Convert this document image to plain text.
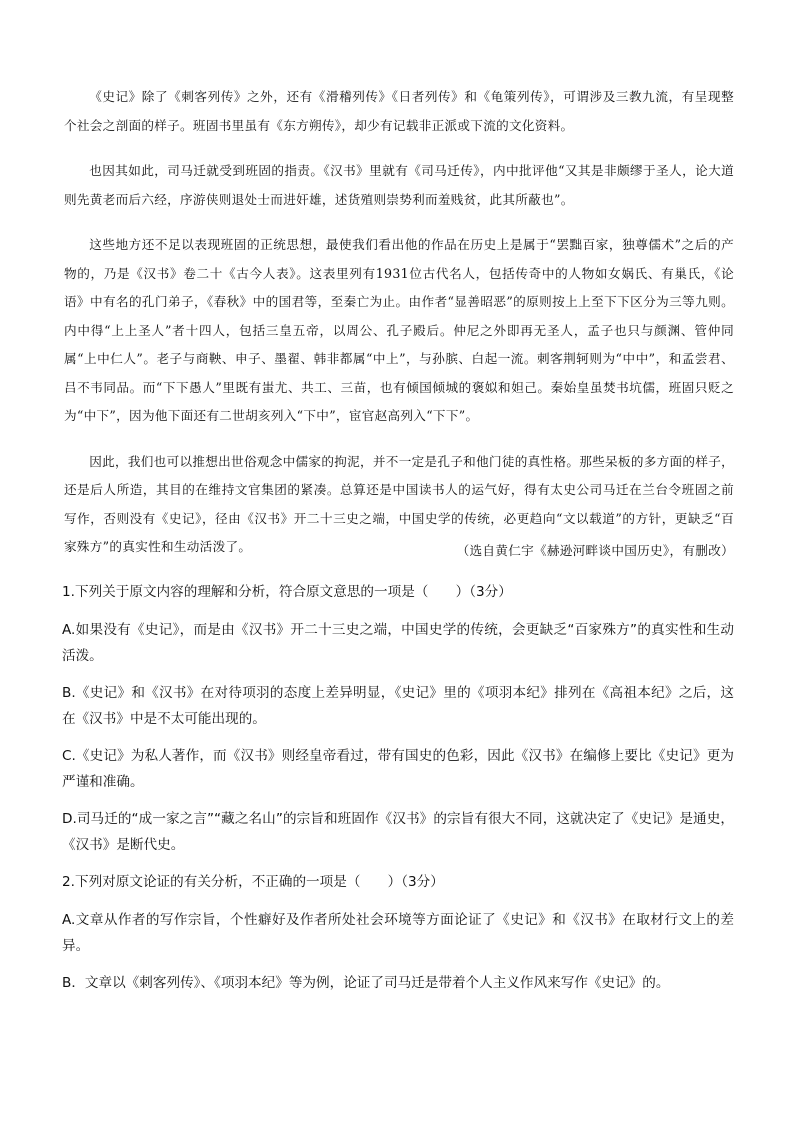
《史记》除了《刺客列传》之外，还有《滑稽列传》《日者列传》和《龟策列传》，可谓涉及三教九流，有呈现整个社会之剖面的样子。班固书里虽有《东方朔传》，却少有记载非正派或下流的文化资料。

也因其如此，司马迁就受到班固的指责。《汉书》里就有《司马迁传》，内中批评他“又其是非颇缪于圣人，论大道则先黄老而后六经，序游侠则退处士而进奸雄，述货殖则崇势利而羞贱贫，此其所蔽也”。

这些地方还不足以表现班固的正统思想，最使我们看出他的作品在历史上是属于“罢黜百家，独尊儒术”之后的产物的，乃是《汉书》卷二十《古今人表》。这表里列有1931位古代名人，包括传奇中的人物如女娲氏、有巢氏，《论语》中有名的孔门弟子，《春秋》中的国君等，至秦亡为止。由作者“显善昭恶”的原则按上上至下下区分为三等九则。内中得“上上圣人”者十四人，包括三皇五帝，以周公、孔子殿后。仲尼之外即再无圣人，孟子也只与颜渊、管仲同属“上中仁人”。老子与商鞅、申子、墨翟、韩非都属“中上”，与孙膑、白起一流。刺客荆轲则为“中中”，和孟尝君、吕不韦同品。而“下下愚人”里既有蚩尤、共工、三苗，也有倾国倾城的褒姒和妲己。秦始皇虽焚书坑儒，班固只贬之为“中下”，因为他下面还有二世胡亥列入“下中”，宦官赵高列入“下下”。

因此，我们也可以推想出世俗观念中儒家的拘泥，并不一定是孔子和他门徒的真性格。那些呆板的多方面的样子，还是后人所造，其目的在维持文官集团的紧凑。总算还是中国读书人的运气好，得有太史公司马迁在兰台令班固之前写作，否则没有《史记》，径由《汉书》开二十三史之端，中国史学的传统，必更趋向“文以载道”的方针，更缺乏“百家殊方”的真实性和生动活泼了。	（选自黄仁宇《赫逊河畔谈中国历史》，有删改）
1.下列关于原文内容的理解和分析，符合原文意思的一项是（　　）（3分）
A.如果没有《史记》，而是由《汉书》开二十三史之端，中国史学的传统，会更缺乏“百家殊方”的真实性和生动活泼。
B.《史记》和《汉书》在对待项羽的态度上差异明显，《史记》里的《项羽本纪》排列在《高祖本纪》之后，这在《汉书》中是不太可能出现的。
C.《史记》为私人著作，而《汉书》则经皇帝看过，带有国史的色彩，因此《汉书》在编修上要比《史记》更为严谨和准确。
D.司马迁的“成一家之言”“藏之名山”的宗旨和班固作《汉书》的宗旨有很大不同，这就决定了《史记》是通史，《汉书》是断代史。
2.下列对原文论证的有关分析，不正确的一项是（　　）（3分）
A.文章从作者的写作宗旨，个性癖好及作者所处社会环境等方面论证了《史记》和《汉书》在取材行文上的差异。
B．文章以《刺客列传》、《项羽本纪》等为例，论证了司马迁是带着个人主义作风来写作《史记》的。
